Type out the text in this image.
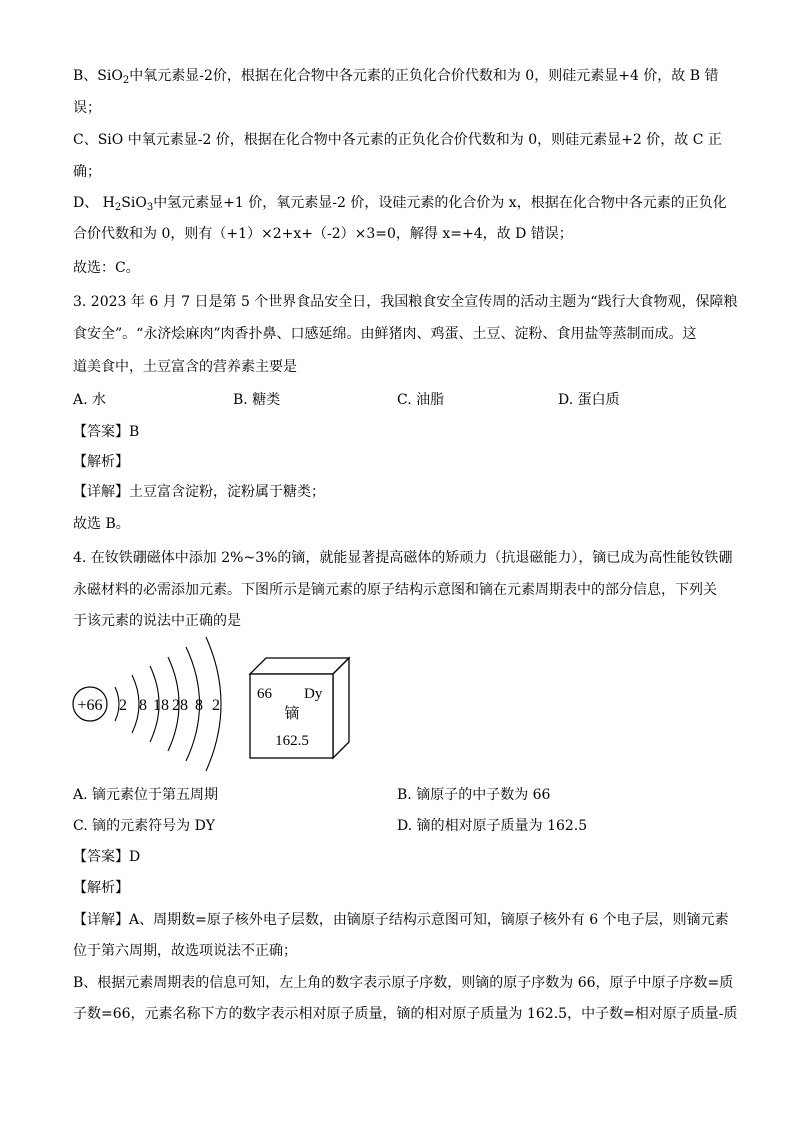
B、SiO$_2$中氧元素显-2价，根据在化合物中各元素的正负化合价代数和为 0，则硅元素显+4 价，故 B 错
误；
C、SiO 中氧元素显-2 价，根据在化合物中各元素的正负化合价代数和为 0，则硅元素显+2 价，故 C 正
确；
D、 $H_2SiO_3$中氢元素显+1 价，氧元素显-2 价，设硅元素的化合价为 x，根据在化合物中各元素的正负化
合价代数和为 0，则有（+1）×2+x+（-2）×3=0，解得 x=+4，故 D 错误；
故选：C。
3. 2023 年 6 月 7 日是第 5 个世界食品安全日，我国粮食安全宣传周的活动主题为“践行大食物观，保障粮
食安全”。“永济烩麻肉”肉香扑鼻、口感延绵。由鲜猪肉、鸡蛋、土豆、淀粉、食用盐等蒸制而成。这
道美食中，土豆富含的营养素主要是
A. 水	B. 糖类	C. 油脂	D. 蛋白质
【答案】B
【解析】
【详解】土豆富含淀粉，淀粉属于糖类；
故选 B。
4. 在钕铁硼磁体中添加 2%~3%的镝，就能显著提高磁体的矫顽力（抗退磁能力），镝已成为高性能钕铁硼
永磁材料的必需添加元素。下图所示是镝元素的原子结构示意图和镝在元素周期表中的部分信息，下列关
于该元素的说法中正确的是
+66 2 8 18 28 8 2
66 Dy
镝
162.5
A. 镝元素位于第五周期	B. 镝原子的中子数为 66
C. 镝的元素符号为 DY	D. 镝的相对原子质量为 162.5
【答案】D
【解析】
【详解】A、周期数=原子核外电子层数，由镝原子结构示意图可知，镝原子核外有 6 个电子层，则镝元素
位于第六周期，故选项说法不正确；
B、根据元素周期表的信息可知，左上角的数字表示原子序数，则镝的原子序数为 66，原子中原子序数=质
子数=66，元素名称下方的数字表示相对原子质量，镝的相对原子质量为 162.5，中子数=相对原子质量-质
